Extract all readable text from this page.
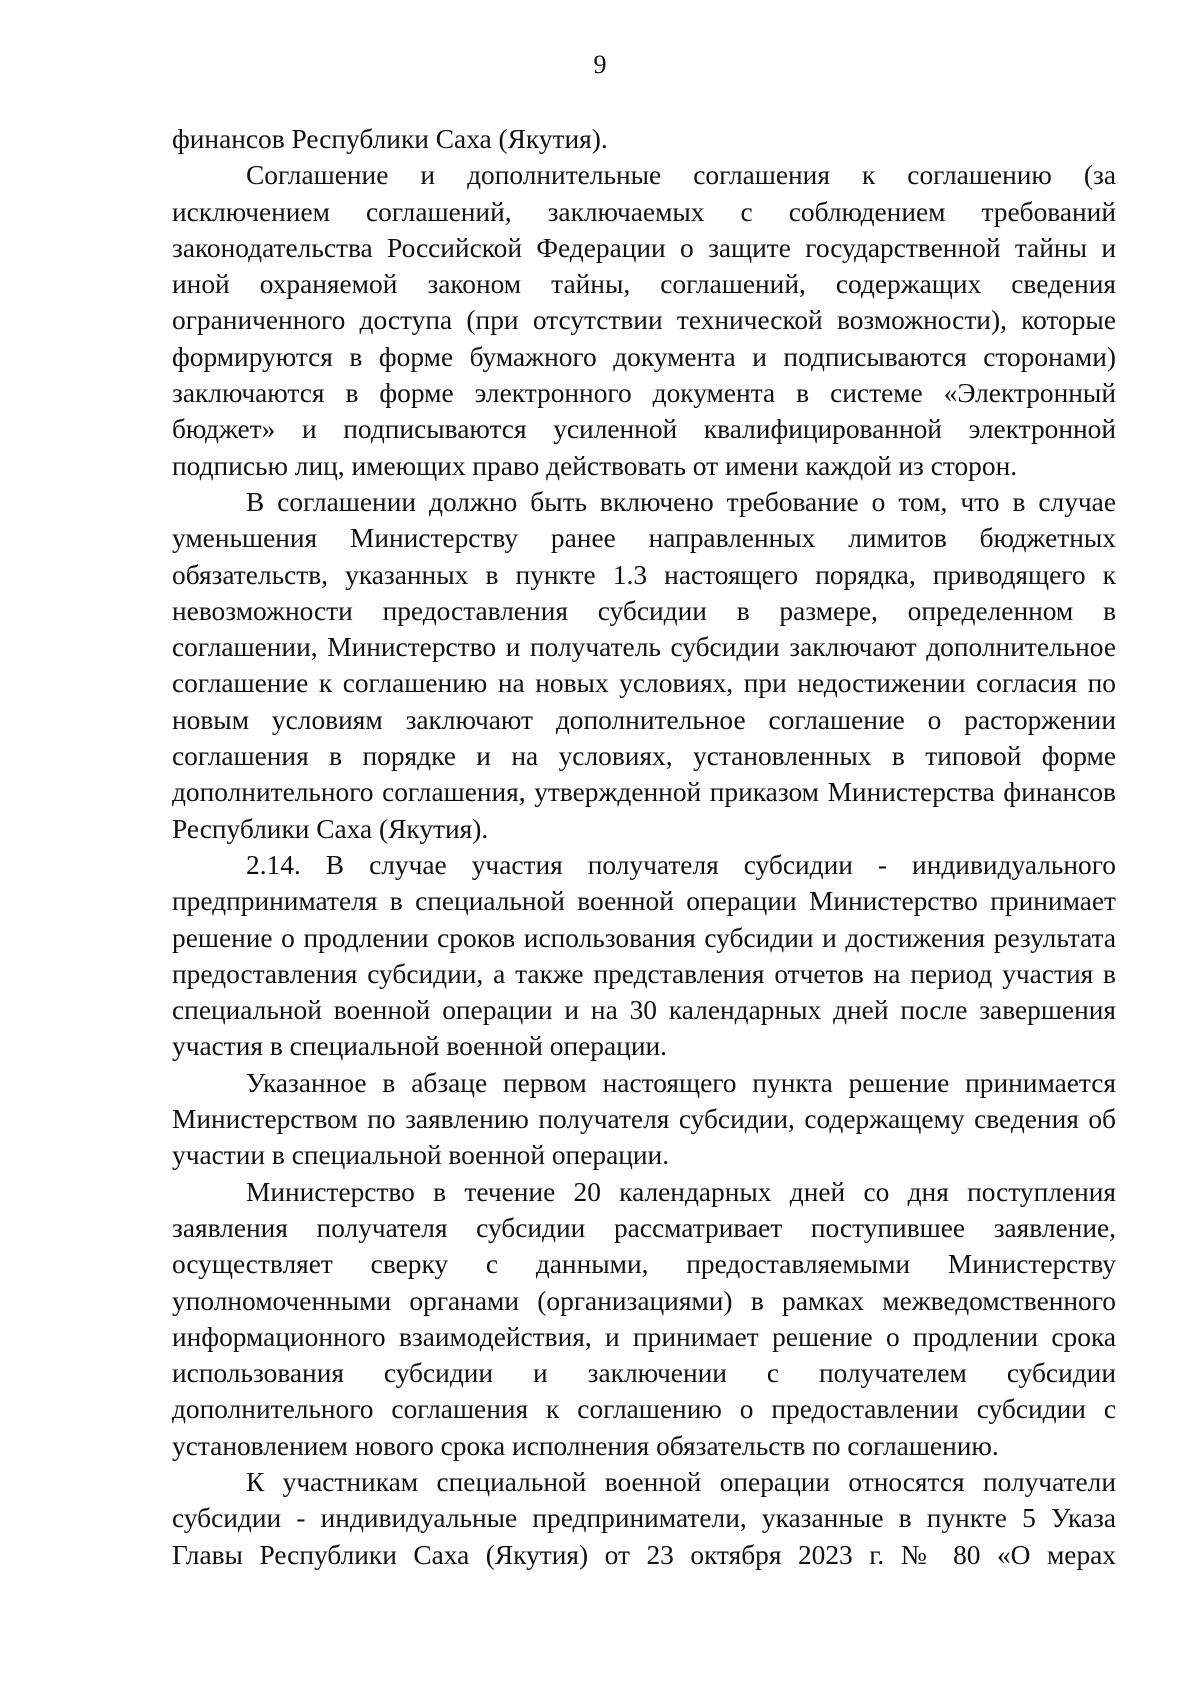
9

финансов Республики Саха (Якутия).

Соглашение и дополнительные соглашения к соглашению (за исключением соглашений, заключаемых с соблюдением требований законодательства Российской Федерации о защите государственной тайны и иной охраняемой законом тайны, соглашений, содержащих сведения ограниченного доступа (при отсутствии технической возможности), которые формируются в форме бумажного документа и подписываются сторонами) заключаются в форме электронного документа в системе «Электронный бюджет» и подписываются усиленной квалифицированной электронной подписью лиц, имеющих право действовать от имени каждой из сторон.

В соглашении должно быть включено требование о том, что в случае уменьшения Министерству ранее направленных лимитов бюджетных обязательств, указанных в пункте 1.3 настоящего порядка, приводящего к невозможности предоставления субсидии в размере, определенном в соглашении, Министерство и получатель субсидии заключают дополнительное соглашение к соглашению на новых условиях, при недостижении согласия по новым условиям заключают дополнительное соглашение о расторжении соглашения в порядке и на условиях, установленных в типовой форме дополнительного соглашения, утвержденной приказом Министерства финансов Республики Саха (Якутия).

2.14. В случае участия получателя субсидии - индивидуального предпринимателя в специальной военной операции Министерство принимает решение о продлении сроков использования субсидии и достижения результата предоставления субсидии, а также представления отчетов на период участия в специальной военной операции и на 30 календарных дней после завершения участия в специальной военной операции.

Указанное в абзаце первом настоящего пункта решение принимается Министерством по заявлению получателя субсидии, содержащему сведения об участии в специальной военной операции.

Министерство в течение 20 календарных дней со дня поступления заявления получателя субсидии рассматривает поступившее заявление, осуществляет сверку с данными, предоставляемыми Министерству уполномоченными органами (организациями) в рамках межведомственного информационного взаимодействия, и принимает решение о продлении срока использования субсидии и заключении с получателем субсидии дополнительного соглашения к соглашению о предоставлении субсидии с установлением нового срока исполнения обязательств по соглашению.

К участникам специальной военной операции относятся получатели субсидии - индивидуальные предприниматели, указанные в пункте 5 Указа Главы Республики Саха (Якутия) от 23 октября 2023 г. № 80 «О мерах
